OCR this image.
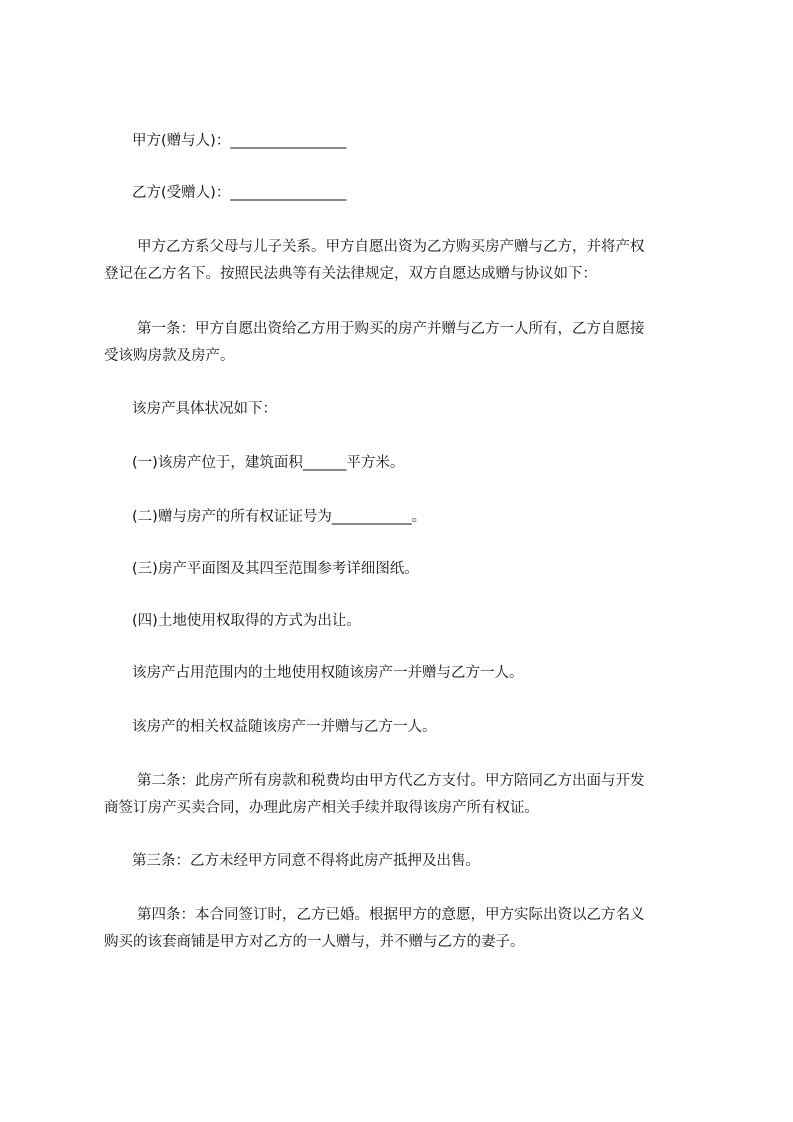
甲方(赠与人)：________________
乙方(受赠人)：________________
甲方乙方系父母与儿子关系。甲方自愿出资为乙方购买房产赠与乙方，并将产权
登记在乙方名下。按照民法典等有关法律规定，双方自愿达成赠与协议如下：
第一条：甲方自愿出资给乙方用于购买的房产并赠与乙方一人所有，乙方自愿接
受该购房款及房产。
该房产具体状况如下：
(一)该房产位于，建筑面积______平方米。
(二)赠与房产的所有权证证号为___________。
(三)房产平面图及其四至范围参考详细图纸。
(四)土地使用权取得的方式为出让。
该房产占用范围内的土地使用权随该房产一并赠与乙方一人。
该房产的相关权益随该房产一并赠与乙方一人。
第二条：此房产所有房款和税费均由甲方代乙方支付。甲方陪同乙方出面与开发
商签订房产买卖合同，办理此房产相关手续并取得该房产所有权证。
第三条：乙方未经甲方同意不得将此房产抵押及出售。
第四条：本合同签订时，乙方已婚。根据甲方的意愿，甲方实际出资以乙方名义
购买的该套商铺是甲方对乙方的一人赠与，并不赠与乙方的妻子。
